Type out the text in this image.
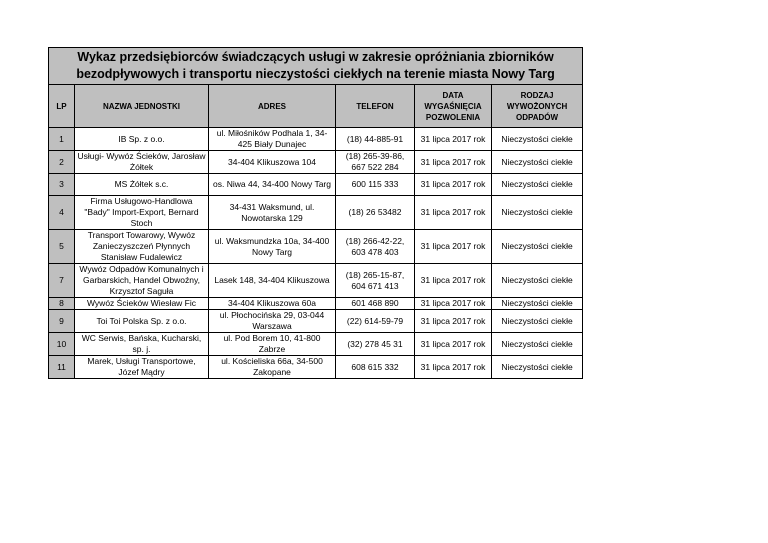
Wykaz przedsiębiorców świadczących usługi w zakresie opróżniania zbiorników bezodpływowych i transportu nieczystości ciekłych na terenie miasta Nowy Targ					
LP	NAZWA JEDNOSTKI	ADRES	TELEFON	DATA WYGAŚNIĘCIA POZWOLENIA	RODZAJ WYWOŻONYCH ODPADÓW
1	IB Sp. z o.o.	ul. Miłośników Podhala 1, 34-425 Biały Dunajec	(18) 44-885-91	31 lipca 2017 rok	Nieczystości ciekłe
2	Usługi- Wywóz Ścieków, Jarosław Żółtek	34-404 Klikuszowa 104	(18) 265-39-86, 667 522 284	31 lipca 2017 rok	Nieczystości ciekłe
3	MS Żółtek s.c.	os. Niwa 44, 34-400 Nowy Targ	600 115 333	31 lipca 2017 rok	Nieczystości ciekłe
4	Firma Usługowo-Handlowa "Bady" Import-Export, Bernard Stoch	34-431 Waksmund, ul. Nowotarska 129	(18) 26 53482	31 lipca 2017 rok	Nieczystości ciekłe
5	Transport Towarowy, Wywóz Zanieczyszczeń Płynnych Stanisław Fudalewicz	ul. Waksmundzka 10a, 34-400 Nowy Targ	(18) 266-42-22, 603 478 403	31 lipca 2017 rok	Nieczystości ciekłe
7	Wywóz Odpadów Komunalnych i Garbarskich, Handel Obwoźny, Krzysztof Saguła	Lasek 148, 34-404 Klikuszowa	(18) 265-15-87, 604 671 413	31 lipca 2017 rok	Nieczystości ciekłe
8	Wywóz Ścieków Wiesław Fic	34-404 Klikuszowa 60a	601 468 890	31 lipca 2017 rok	Nieczystości ciekłe
9	Toi Toi Polska Sp. z o.o.	ul. Płochocińska 29, 03-044 Warszawa	(22) 614-59-79	31 lipca 2017 rok	Nieczystości ciekłe
10	WC Serwis, Bańska, Kucharski, sp. j.	ul. Pod Borem 10, 41-800 Zabrze	(32) 278 45 31	31 lipca 2017 rok	Nieczystości ciekłe
11	Marek, Usługi Transportowe, Józef Mądry	ul. Kościeliska 66a, 34-500 Zakopane	608 615 332	31 lipca 2017 rok	Nieczystości ciekłe
